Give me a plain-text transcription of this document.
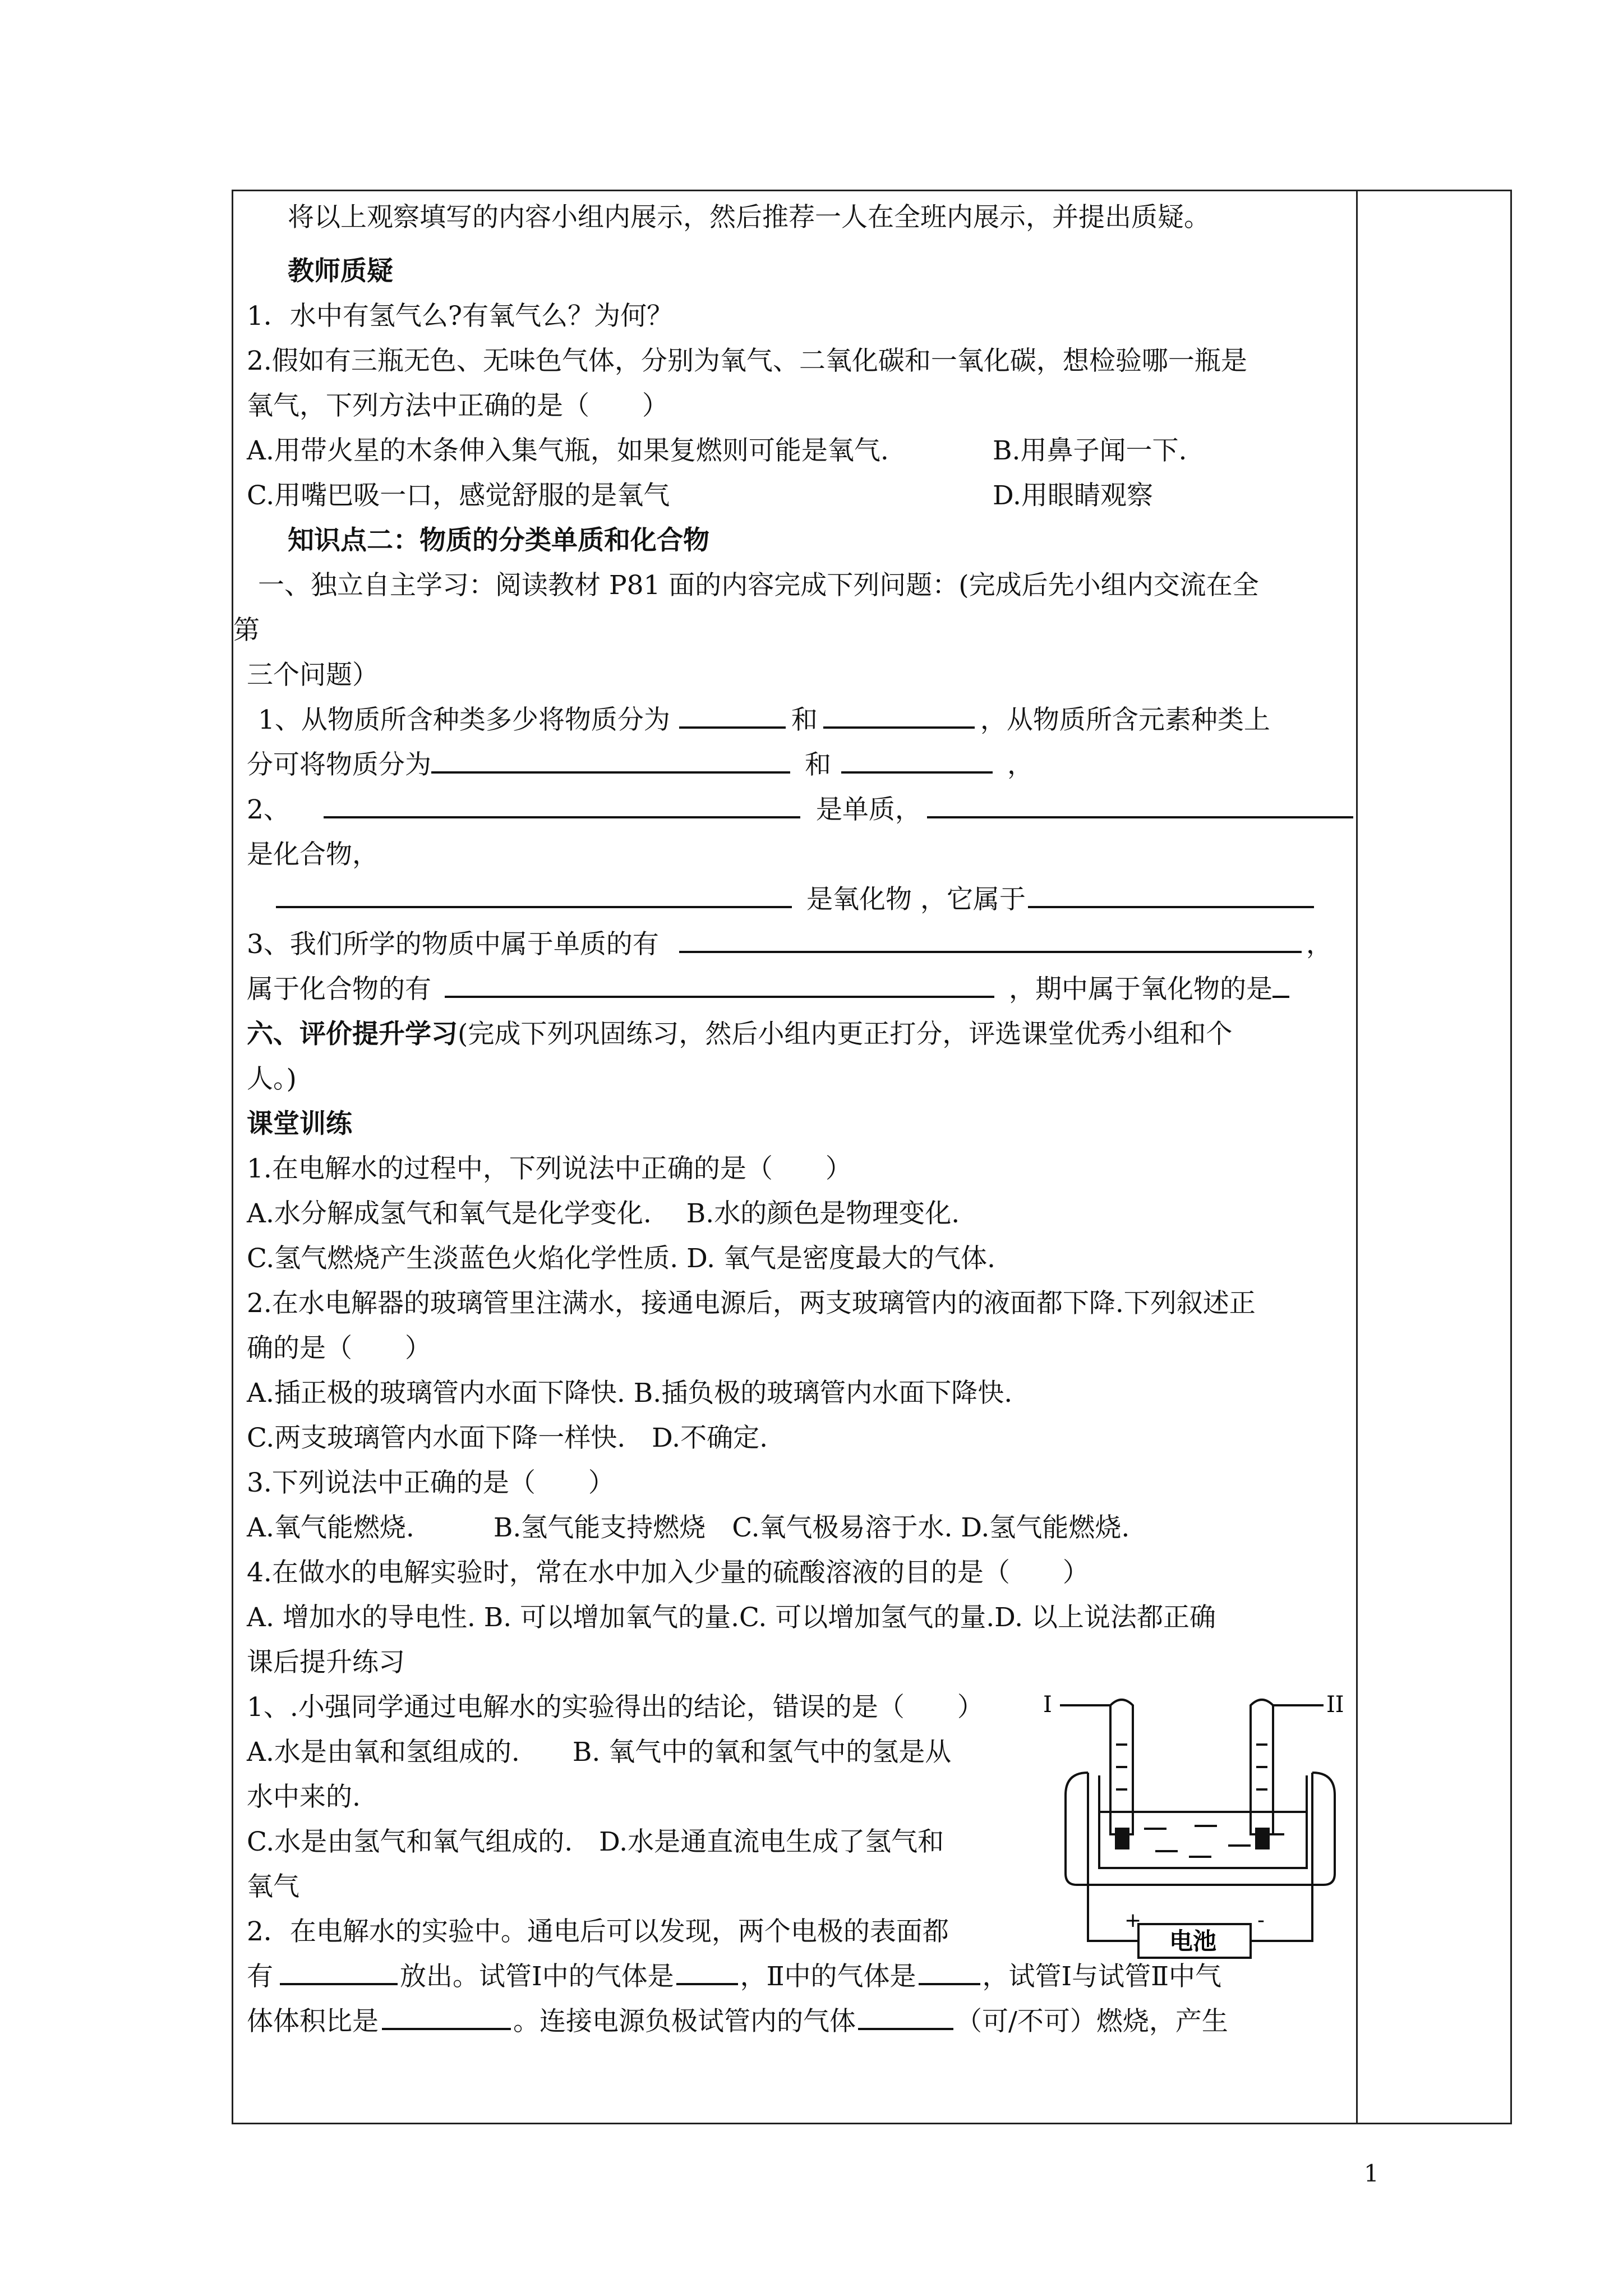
将以上观察填写的内容小组内展示，然后推荐一人在全班内展示，并提出质疑。
教师质疑
1．水中有氢气么?有氧气么？为何？
2.假如有三瓶无色、无味色气体，分别为氧气、二氧化碳和一氧化碳，想检验哪一瓶是
氧气，下列方法中正确的是（　　）
A.用带火星的木条伸入集气瓶，如果复燃则可能是氧气.	B.用鼻子闻一下.
C.用嘴巴吸一口，感觉舒服的是氧气	D.用眼睛观察
知识点二：物质的分类单质和化合物
一、独立自主学习：阅读教材 P81 面的内容完成下列问题：(完成后先小组内交流在全
第
三个问题）
1、从物质所含种类多少将物质分为	和	，从物质所含元素种类上
分可将物质分为	和	，
2、	是单质，
是化合物，
是氧化物 ，它属于
3、我们所学的物质中属于单质的有	，
属于化合物的有	，期中属于氧化物的是
六、评价提升学习(完成下列巩固练习，然后小组内更正打分，评选课堂优秀小组和个
人。)
课堂训练
1.在电解水的过程中，下列说法中正确的是（　　）
A.水分解成氢气和氧气是化学变化.　 B.水的颜色是物理变化.
C.氢气燃烧产生淡蓝色火焰化学性质. D. 氧气是密度最大的气体.
2.在水电解器的玻璃管里注满水，接通电源后，两支玻璃管内的液面都下降.下列叙述正
确的是（　　）
A.插正极的玻璃管内水面下降快. B.插负极的玻璃管内水面下降快.
C.两支玻璃管内水面下降一样快.　D.不确定.
3.下列说法中正确的是（　　）
A.氧气能燃烧.　　　B.氢气能支持燃烧　C.氧气极易溶于水. D.氢气能燃烧.
4.在做水的电解实验时，常在水中加入少量的硫酸溶液的目的是（　　）
A. 增加水的导电性. B. 可以增加氧气的量.C. 可以增加氢气的量.D. 以上说法都正确
课后提升练习
1、.小强同学通过电解水的实验得出的结论，错误的是（　　）
A.水是由氧和氢组成的.　　B. 氧气中的氧和氢气中的氢是从
水中来的.
C.水是由氢气和氧气组成的.　D.水是通直流电生成了氢气和
氧气
2．在电解水的实验中。通电后可以发现，两个电极的表面都
有	放出。试管Ⅰ中的气体是	，Ⅱ中的气体是	，试管Ⅰ与试管Ⅱ中气
体体积比是	。连接电源负极试管内的气体	（可/不可）燃烧，产生
I	II
电池
+	-
1
